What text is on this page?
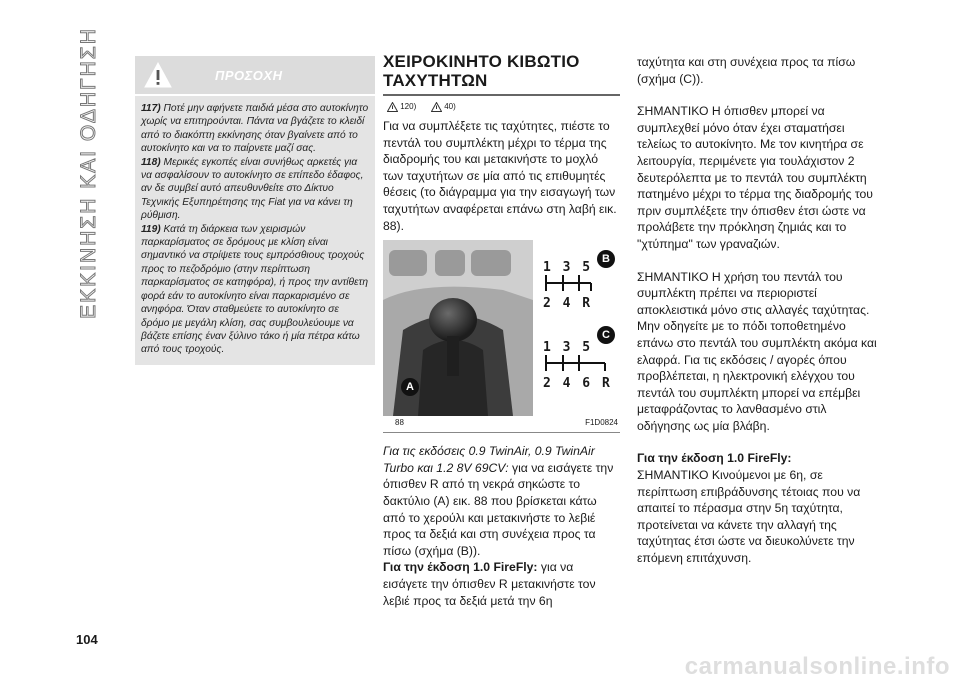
ΕΚΚΙΝΗΣΗ ΚΑΙ ΟΔΗΓΗΣΗ	ΠΡΟΣΟΧΗ

117) Ποτέ μην αφήνετε παιδιά μέσα στο αυτοκίνητο χωρίς να επιτηρούνται. Πάντα να βγάζετε το κλειδί από το διακόπτη εκκίνησης όταν βγαίνετε από το αυτοκίνητο και να το παίρνετε μαζί σας.

118) Μερικές εγκοπές είναι συνήθως αρκετές για να ασφαλίσουν το αυτοκίνητο σε επίπεδο έδαφος, αν δε συμβεί αυτό απευθυνθείτε στο Δίκτυο Τεχνικής Εξυπηρέτησης της Fiat για να κάνει τη ρύθμιση.

119) Κατά τη διάρκεια των χειρισμών παρκαρίσματος σε δρόμους με κλίση είναι σημαντικό να στρίψετε τους εμπρόσθιους τροχούς προς το πεζοδρόμιο (στην περίπτωση παρκαρίσματος σε κατηφόρα), ή προς την αντίθετη φορά εάν το αυτοκίνητο είναι παρκαρισμένο σε ανηφόρα. Όταν σταθμεύετε το αυτοκίνητο σε δρόμο με μεγάλη κλίση, σας συμβουλεύουμε να βάζετε επίσης έναν ξύλινο τάκο ή μία πέτρα κάτω από τους τροχούς.

ΧΕΙΡΟΚΙΝΗΤΟ ΚΙΒΩΤΙΟ ΤΑΧΥΤΗΤΩΝ
120)	40)

Για να συμπλέξετε τις ταχύτητες, πιέστε το πεντάλ του συμπλέκτη μέχρι το τέρμα της διαδρομής του και μετακινήστε το μοχλό των ταχυτήτων σε μία από τις επιθυμητές θέσεις (το διάγραμμα για την εισαγωγή των ταχυτήτων αναφέρεται επάνω στη λαβή εικ. 88).

A
B
C
1 3 5
2 4 R
1 3 5
2 4 6 R
88	F1D0824

Για τις εκδόσεις 0.9 TwinAir, 0.9 TwinAir Turbo και 1.2 8V 69CV: για να εισάγετε την όπισθεν R από τη νεκρά σηκώστε το δακτύλιο (A) εικ. 88 που βρίσκεται κάτω από το χερούλι και μετακινήστε το λεβιέ προς τα δεξιά και στη συνέχεια προς τα πίσω (σχήμα (B)).

Για την έκδοση 1.0 FireFly: για να εισάγετε την όπισθεν R μετακινήστε τον λεβιέ προς τα δεξιά μετά την 6η

ταχύτητα και στη συνέχεια προς τα πίσω (σχήμα (C)).

ΣΗΜΑΝΤΙΚΟ Η όπισθεν μπορεί να συμπλεχθεί μόνο όταν έχει σταματήσει τελείως το αυτοκίνητο. Με τον κινητήρα σε λειτουργία, περιμένετε για τουλάχιστον 2 δευτερόλεπτα με το πεντάλ του συμπλέκτη πατημένο μέχρι το τέρμα της διαδρομής του πριν συμπλέξετε την όπισθεν έτσι ώστε να προλάβετε την πρόκληση ζημιάς και το "χτύπημα" των γραναζιών.

ΣΗΜΑΝΤΙΚΟ Η χρήση του πεντάλ του συμπλέκτη πρέπει να περιοριστεί αποκλειστικά μόνο στις αλλαγές ταχύτητας. Μην οδηγείτε με το πόδι τοποθετημένο επάνω στο πεντάλ του συμπλέκτη ακόμα και ελαφρά. Για τις εκδόσεις / αγορές όπου προβλέπεται, η ηλεκτρονική ελέγχου του πεντάλ του συμπλέκτη μπορεί να επέμβει μεταφράζοντας το λανθασμένο στιλ οδήγησης ως μία βλάβη.

Για την έκδοση 1.0 FireFly:
ΣΗΜΑΝΤΙΚΟ Κινούμενοι με 6η, σε περίπτωση επιβράδυνσης τέτοιας που να απαιτεί το πέρασμα στην 5η ταχύτητα, προτείνεται να κάνετε την αλλαγή της ταχύτητας έτσι ώστε να διευκολύνετε την επόμενη επιτάχυνση.

104
carmanualsonline.info
